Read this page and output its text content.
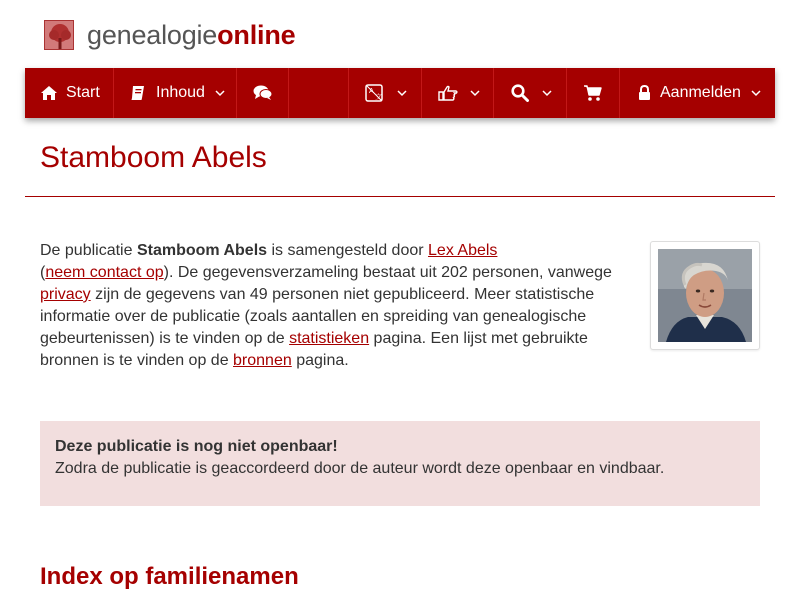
genealogieonline
Start	Inhoud	A
文	Aanmelden
Stamboom Abels

De publicatie Stamboom Abels is samengesteld door Lex Abels
(neem contact op). De gegevensverzameling bestaat uit 202 personen, vanwege privacy zijn de gegevens van 49 personen niet gepubliceerd. Meer statistische informatie over de publicatie (zoals aantallen en spreiding van genealogische gebeurtenissen) is te vinden op de statistieken pagina. Een lijst met gebruikte bronnen is te vinden op de bronnen pagina.

Deze publicatie is nog niet openbaar!
Zodra de publicatie is geaccordeerd door de auteur wordt deze openbaar en vindbaar.
Index op familienamen
